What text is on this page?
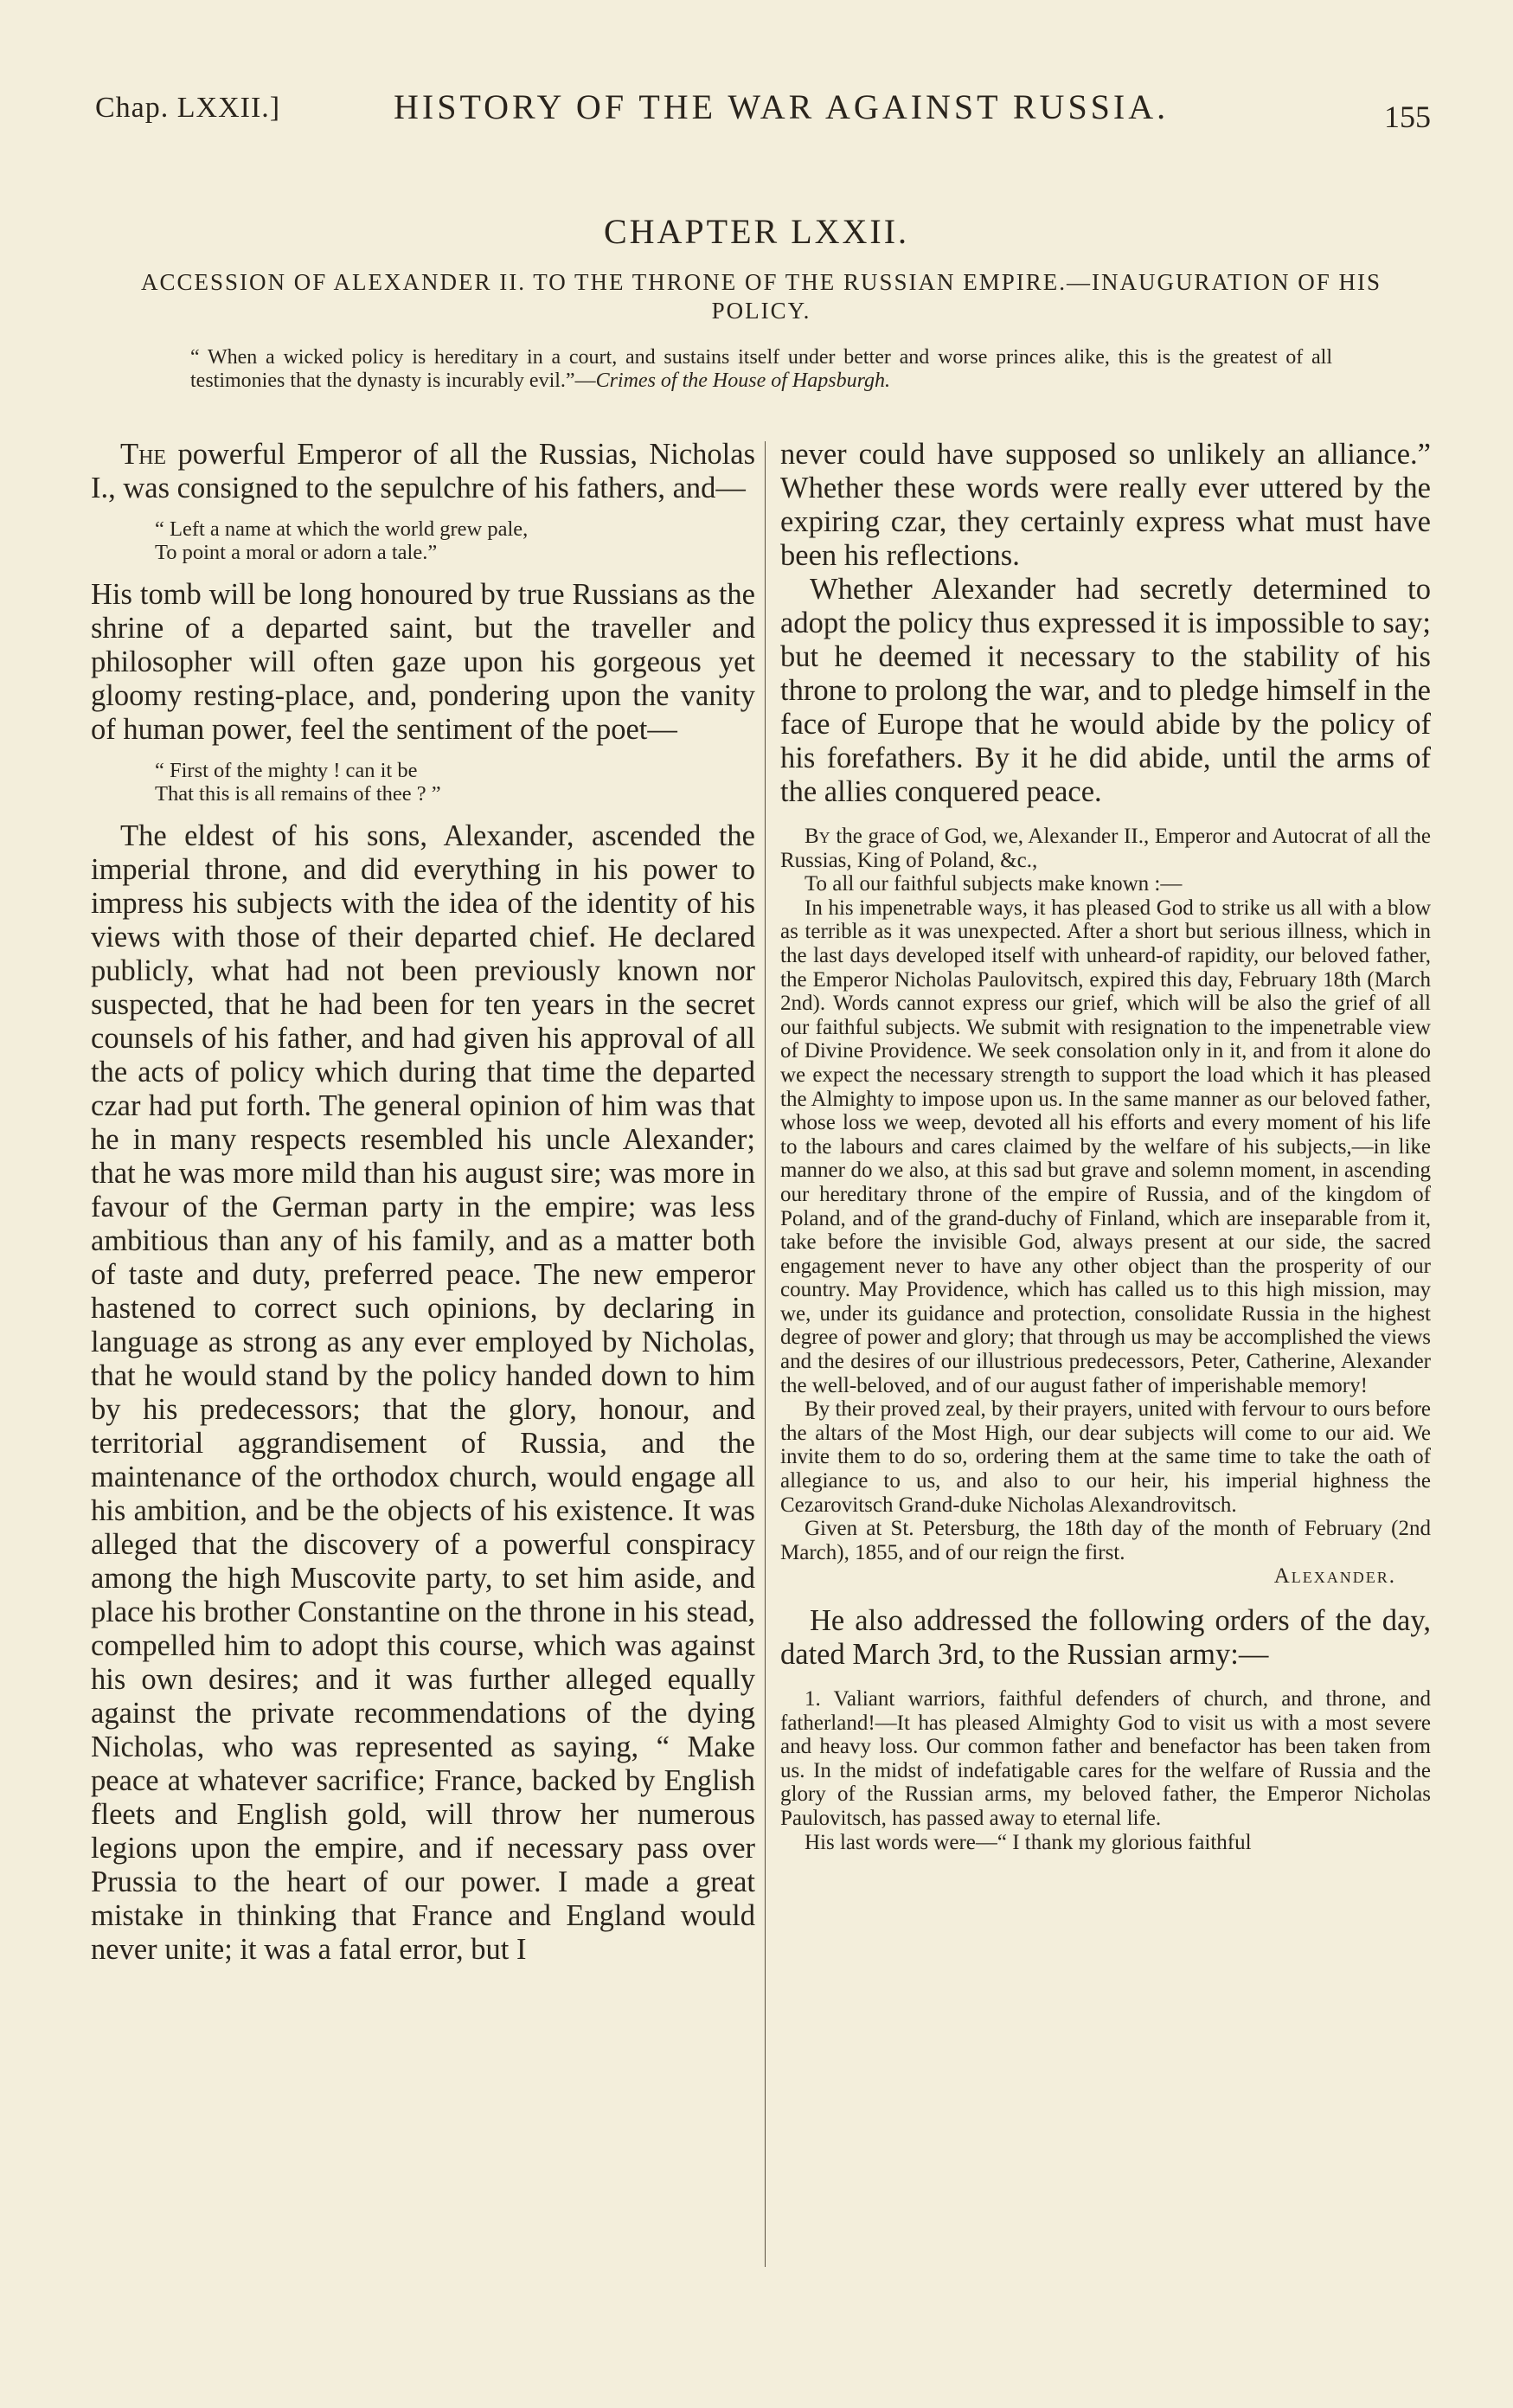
Chap. LXXII.]	HISTORY OF THE WAR AGAINST RUSSIA.	155
CHAPTER LXXII.
ACCESSION OF ALEXANDER II. TO THE THRONE OF THE RUSSIAN EMPIRE.—INAUGURATION OF HIS POLICY.
“ When a wicked policy is hereditary in a court, and sustains itself under better and worse princes alike, this is the greatest of all testimonies that the dynasty is incurably evil.”—Crimes of the House of Hapsburgh.

The powerful Emperor of all the Russias, Nicholas I., was consigned to the sepulchre of his fathers, and—

“ Left a name at which the world grew pale,
To point a moral or adorn a tale.”

His tomb will be long honoured by true Russians as the shrine of a departed saint, but the traveller and philosopher will often gaze upon his gorgeous yet gloomy resting-place, and, pondering upon the vanity of human power, feel the sentiment of the poet—

“ First of the mighty ! can it be
That this is all remains of thee ? ”

The eldest of his sons, Alexander, ascended the imperial throne, and did everything in his power to impress his subjects with the idea of the identity of his views with those of their departed chief. He declared publicly, what had not been previously known nor suspected, that he had been for ten years in the secret counsels of his father, and had given his approval of all the acts of policy which during that time the departed czar had put forth. The general opinion of him was that he in many respects resembled his uncle Alexander; that he was more mild than his august sire; was more in favour of the German party in the empire; was less ambitious than any of his family, and as a matter both of taste and duty, preferred peace. The new emperor hastened to correct such opinions, by declaring in language as strong as any ever employed by Nicholas, that he would stand by the policy handed down to him by his predecessors; that the glory, honour, and territorial aggrandisement of Russia, and the maintenance of the orthodox church, would engage all his ambition, and be the objects of his existence. It was alleged that the discovery of a powerful conspiracy among the high Muscovite party, to set him aside, and place his brother Constantine on the throne in his stead, compelled him to adopt this course, which was against his own desires; and it was further alleged equally against the private recommendations of the dying Nicholas, who was represented as saying, “ Make peace at whatever sacrifice; France, backed by English fleets and English gold, will throw her numerous legions upon the empire, and if necessary pass over Prussia to the heart of our power. I made a great mistake in thinking that France and England would never unite; it was a fatal error, but I

never could have supposed so unlikely an alliance.” Whether these words were really ever uttered by the expiring czar, they certainly express what must have been his reflections.

Whether Alexander had secretly determined to adopt the policy thus expressed it is impossible to say; but he deemed it necessary to the stability of his throne to prolong the war, and to pledge himself in the face of Europe that he would abide by the policy of his forefathers. By it he did abide, until the arms of the allies conquered peace.

By the grace of God, we, Alexander II., Emperor and Autocrat of all the Russias, King of Poland, &c.,

To all our faithful subjects make known :—

In his impenetrable ways, it has pleased God to strike us all with a blow as terrible as it was unexpected. After a short but serious illness, which in the last days developed itself with unheard-of rapidity, our beloved father, the Emperor Nicholas Paulovitsch, expired this day, February 18th (March 2nd). Words cannot express our grief, which will be also the grief of all our faithful subjects. We submit with resignation to the impenetrable view of Divine Providence. We seek consolation only in it, and from it alone do we expect the necessary strength to support the load which it has pleased the Almighty to impose upon us. In the same manner as our beloved father, whose loss we weep, devoted all his efforts and every moment of his life to the labours and cares claimed by the welfare of his subjects,—in like manner do we also, at this sad but grave and solemn moment, in ascending our hereditary throne of the empire of Russia, and of the kingdom of Poland, and of the grand-duchy of Finland, which are inseparable from it, take before the invisible God, always present at our side, the sacred engagement never to have any other object than the prosperity of our country. May Providence, which has called us to this high mission, may we, under its guidance and protection, consolidate Russia in the highest degree of power and glory; that through us may be accomplished the views and the desires of our illustrious predecessors, Peter, Catherine, Alexander the well-beloved, and of our august father of imperishable memory!

By their proved zeal, by their prayers, united with fervour to ours before the altars of the Most High, our dear subjects will come to our aid. We invite them to do so, ordering them at the same time to take the oath of allegiance to us, and also to our heir, his imperial highness the Cezarovitsch Grand-duke Nicholas Alexandrovitsch.

Given at St. Petersburg, the 18th day of the month of February (2nd March), 1855, and of our reign the first.

Alexander.

He also addressed the following orders of the day, dated March 3rd, to the Russian army:—

1. Valiant warriors, faithful defenders of church, and throne, and fatherland!—It has pleased Almighty God to visit us with a most severe and heavy loss. Our common father and benefactor has been taken from us. In the midst of indefatigable cares for the welfare of Russia and the glory of the Russian arms, my beloved father, the Emperor Nicholas Paulovitsch, has passed away to eternal life.

His last words were—“ I thank my glorious faithful
